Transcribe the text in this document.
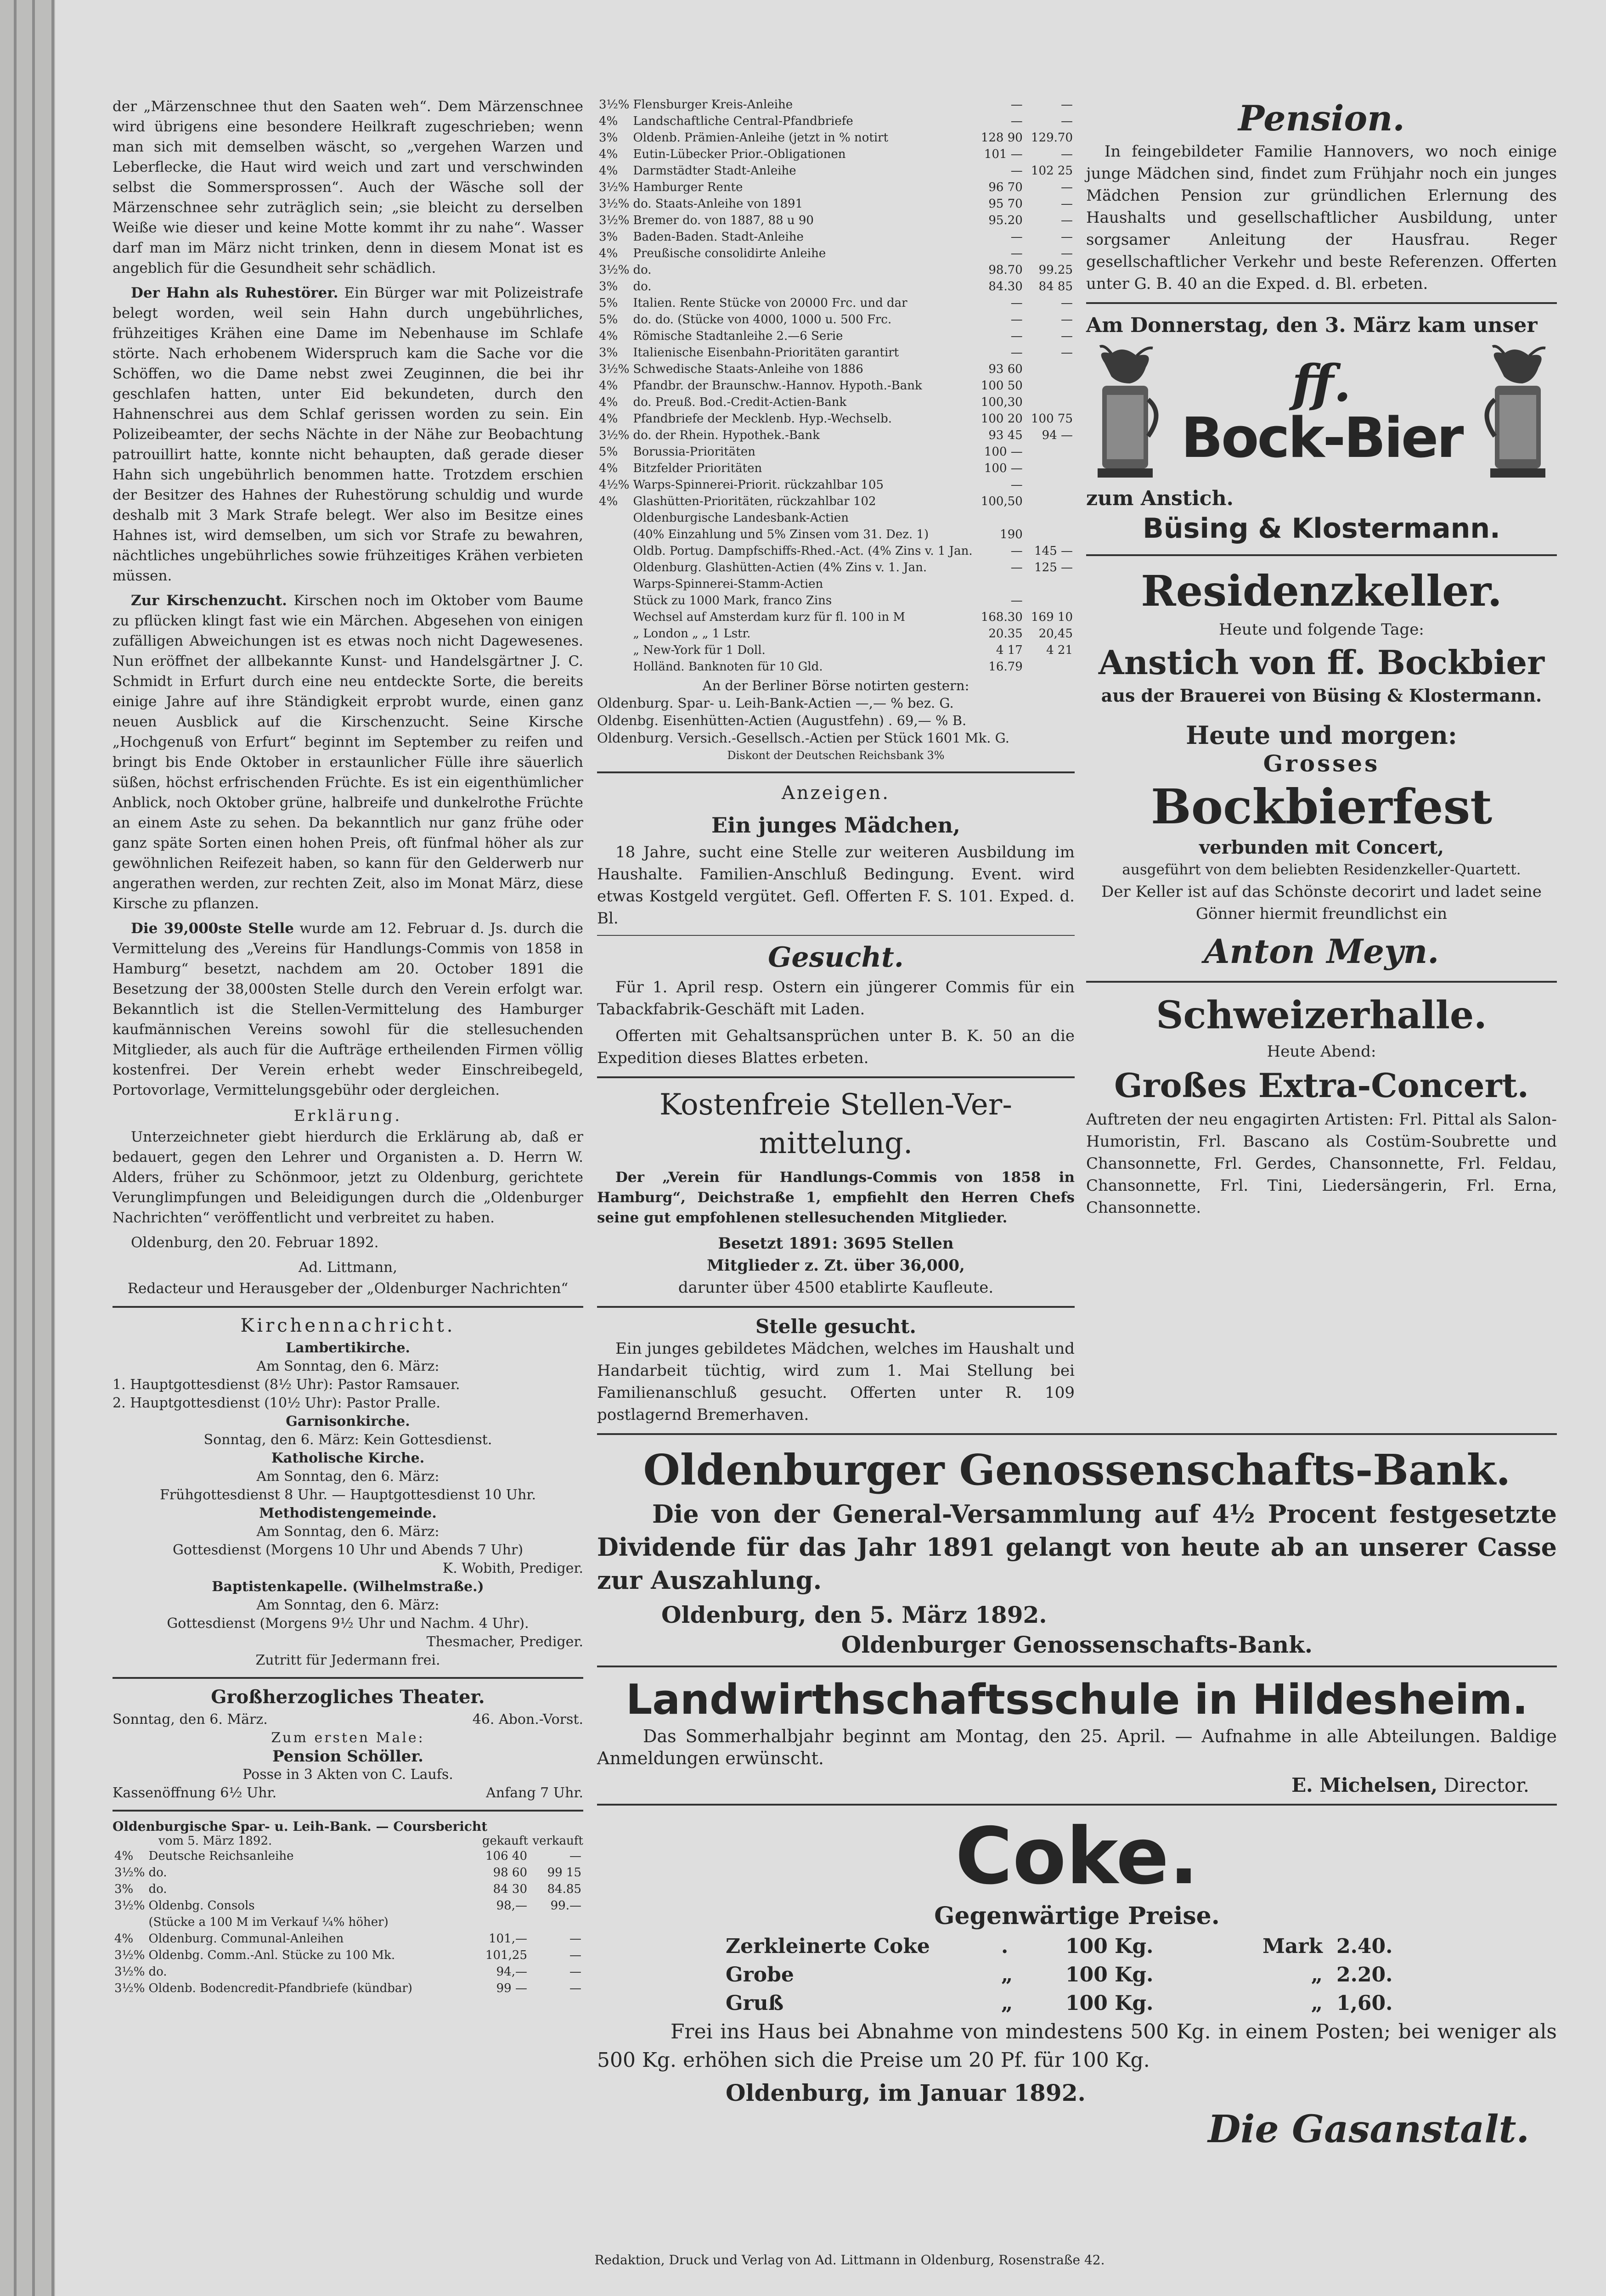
der „Märzenschnee thut den Saaten weh“. Dem Märzenschnee wird übrigens eine besondere Heilkraft zugeschrieben; wenn man sich mit demselben wäscht, so „vergehen Warzen und Leberflecke, die Haut wird weich und zart und verschwinden selbst die Sommersprossen“. Auch der Wäsche soll der Märzenschnee sehr zuträglich sein; „sie bleicht zu derselben Weiße wie dieser und keine Motte kommt ihr zu nahe“. Wasser darf man im März nicht trinken, denn in diesem Monat ist es angeblich für die Gesundheit sehr schädlich.

Der Hahn als Ruhestörer. Ein Bürger war mit Polizeistrafe belegt worden, weil sein Hahn durch ungebührliches, frühzeitiges Krähen eine Dame im Nebenhause im Schlafe störte. Nach erhobenem Widerspruch kam die Sache vor die Schöffen, wo die Dame nebst zwei Zeuginnen, die bei ihr geschlafen hatten, unter Eid bekundeten, durch den Hahnenschrei aus dem Schlaf gerissen worden zu sein. Ein Polizeibeamter, der sechs Nächte in der Nähe zur Beobachtung patrouillirt hatte, konnte nicht behaupten, daß gerade dieser Hahn sich ungebührlich benommen hatte. Trotzdem erschien der Besitzer des Hahnes der Ruhestörung schuldig und wurde deshalb mit 3 Mark Strafe belegt. Wer also im Besitze eines Hahnes ist, wird demselben, um sich vor Strafe zu bewahren, nächtliches ungebührliches sowie frühzeitiges Krähen verbieten müssen.

Zur Kirschenzucht. Kirschen noch im Oktober vom Baume zu pflücken klingt fast wie ein Märchen. Abgesehen von einigen zufälligen Abweichungen ist es etwas noch nicht Dagewesenes. Nun eröffnet der allbekannte Kunst- und Handelsgärtner J. C. Schmidt in Erfurt durch eine neu entdeckte Sorte, die bereits einige Jahre auf ihre Ständigkeit erprobt wurde, einen ganz neuen Ausblick auf die Kirschenzucht. Seine Kirsche „Hochgenuß von Erfurt“ beginnt im September zu reifen und bringt bis Ende Oktober in erstaunlicher Fülle ihre säuerlich süßen, höchst erfrischenden Früchte. Es ist ein eigenthümlicher Anblick, noch Oktober grüne, halbreife und dunkelrothe Früchte an einem Aste zu sehen. Da bekanntlich nur ganz frühe oder ganz späte Sorten einen hohen Preis, oft fünfmal höher als zur gewöhnlichen Reifezeit haben, so kann für den Gelderwerb nur angerathen werden, zur rechten Zeit, also im Monat März, diese Kirsche zu pflanzen.

Die 39,000ste Stelle wurde am 12. Februar d. Js. durch die Vermittelung des „Vereins für Handlungs-Commis von 1858 in Hamburg“ besetzt, nachdem am 20. October 1891 die Besetzung der 38,000sten Stelle durch den Verein erfolgt war. Bekanntlich ist die Stellen-Vermittelung des Hamburger kaufmännischen Vereins sowohl für die stellesuchenden Mitglieder, als auch für die Aufträge ertheilenden Firmen völlig kostenfrei. Der Verein erhebt weder Einschreibegeld, Portovorlage, Vermittelungsgebühr oder dergleichen.

Erklärung.

Unterzeichneter giebt hierdurch die Erklärung ab, daß er bedauert, gegen den Lehrer und Organisten a. D. Herrn W. Alders, früher zu Schönmoor, jetzt zu Oldenburg, gerichtete Verunglimpfungen und Beleidigungen durch die „Oldenburger Nachrichten“ veröffentlicht und verbreitet zu haben.

Oldenburg, den 20. Februar 1892.
Ad. Littmann,
Redacteur und Herausgeber der „Oldenburger Nachrichten“
Kirchennachricht.
Lambertikirche.
Am Sonntag, den 6. März:
1. Hauptgottesdienst (8½ Uhr): Pastor Ramsauer.
2. Hauptgottesdienst (10½ Uhr): Pastor Pralle.
Garnisonkirche.
Sonntag, den 6. März: Kein Gottesdienst.
Katholische Kirche.
Am Sonntag, den 6. März:
Frühgottesdienst 8 Uhr. — Hauptgottesdienst 10 Uhr.
Methodistengemeinde.
Am Sonntag, den 6. März:
Gottesdienst (Morgens 10 Uhr und Abends 7 Uhr)
K. Wobith, Prediger.
Baptistenkapelle. (Wilhelmstraße.)
Am Sonntag, den 6. März:
Gottesdienst (Morgens 9½ Uhr und Nachm. 4 Uhr).
Thesmacher, Prediger.
Zutritt für Jedermann frei.
Großherzogliches Theater.
Sonntag, den 6. März.	46. Abon.-Vorst.
Zum ersten Male:
Pension Schöller.
Posse in 3 Akten von C. Laufs.
Kassenöffnung 6½ Uhr.	Anfang 7 Uhr.
Oldenburgische Spar- u. Leih-Bank. — Coursbericht
vom 5. März 1892.	gekauft verkauft
4%	Deutsche Reichsanleihe	106 40	—
3½%	do.	98 60	99 15
3%	do.	84 30	84.85
3½%	Oldenbg. Consols	98,—	99.—
	(Stücke a 100 M im Verkauf ¼% höher)		
4%	Oldenburg. Communal-Anleihen	101,—	—
3½%	Oldenbg. Comm.-Anl. Stücke zu 100 Mk.	101,25	—
3½%	do.	94,—	—
3½%	Oldenb. Bodencredit-Pfandbriefe (kündbar)	99 —	—
3½%	Flensburger Kreis-Anleihe	—	—
4%	Landschaftliche Central-Pfandbriefe	—	—
3%	Oldenb. Prämien-Anleihe (jetzt in % notirt	128 90	129.70
4%	Eutin-Lübecker Prior.-Obligationen	101 —	—
4%	Darmstädter Stadt-Anleihe	—	102 25
3½%	Hamburger Rente	96 70	—
3½%	do. Staats-Anleihe von 1891	95 70	—
3½%	Bremer do. von 1887, 88 u 90	95.20	—
3%	Baden-Baden. Stadt-Anleihe	—	—
4%	Preußische consolidirte Anleihe	—	—
3½%	do.	98.70	99.25
3%	do.	84.30	84 85
5%	Italien. Rente Stücke von 20000 Frc. und dar	—	—
5%	do. do. (Stücke von 4000, 1000 u. 500 Frc.	—	—
4%	Römische Stadtanleihe 2.—6 Serie	—	—
3%	Italienische Eisenbahn-Prioritäten garantirt	—	—
3½%	Schwedische Staats-Anleihe von 1886	93 60	
4%	Pfandbr. der Braunschw.-Hannov. Hypoth.-Bank	100 50	
4%	do. Preuß. Bod.-Credit-Actien-Bank	100,30	
4%	Pfandbriefe der Mecklenb. Hyp.-Wechselb.	100 20	100 75
3½%	do. der Rhein. Hypothek.-Bank	93 45	94 —
5%	Borussia-Prioritäten	100 —	
4%	Bitzfelder Prioritäten	100 —	
4½%	Warps-Spinnerei-Priorit. rückzahlbar 105	—	
4%	Glashütten-Prioritäten, rückzahlbar 102	100,50	
	Oldenburgische Landesbank-Actien		
	(40% Einzahlung und 5% Zinsen vom 31. Dez. 1)	190	
	Oldb. Portug. Dampfschiffs-Rhed.-Act. (4% Zins v. 1 Jan.	—	145 —
	Oldenburg. Glashütten-Actien (4% Zins v. 1. Jan.	—	125 —
	Warps-Spinnerei-Stamm-Actien		
	Stück zu 1000 Mark, franco Zins	—	
	Wechsel auf Amsterdam kurz für fl. 100 in M	168.30	169 10
	„ London „ „ 1 Lstr.	20.35	20,45
	„ New-York für 1 Doll.	4 17	4 21
	Holländ. Banknoten für 10 Gld.	16.79	
An der Berliner Börse notirten gestern:
Oldenburg. Spar- u. Leih-Bank-Actien —,— % bez. G.
Oldenbg. Eisenhütten-Actien (Augustfehn) . 69,— % B.
Oldenburg. Versich.-Gesellsch.-Actien per Stück 1601 Mk. G.
Diskont der Deutschen Reichsbank 3%
Anzeigen.
Ein junges Mädchen,

18 Jahre, sucht eine Stelle zur weiteren Ausbildung im Haushalte. Familien-Anschluß Bedingung. Event. wird etwas Kostgeld vergütet. Gefl. Offerten F. S. 101. Exped. d. Bl.

Gesucht.

Für 1. April resp. Ostern ein jüngerer Commis für ein Tabackfabrik-Geschäft mit Laden.

Offerten mit Gehaltsansprüchen unter B. K. 50 an die Expedition dieses Blattes erbeten.

Kostenfreie Stellen-Ver-
mittelung.

Der „Verein für Handlungs-Commis von 1858 in Hamburg“, Deichstraße 1, empfiehlt den Herren Chefs seine gut empfohlenen stellesuchenden Mitglieder.

Besetzt 1891: 3695 Stellen
Mitglieder z. Zt. über 36,000,
darunter über 4500 etablirte Kaufleute.
Stelle gesucht.

Ein junges gebildetes Mädchen, welches im Haushalt und Handarbeit tüchtig, wird zum 1. Mai Stellung bei Familienanschluß gesucht. Offerten unter R. 109 postlagernd Bremerhaven.

Pension.

In feingebildeter Familie Hannovers, wo noch einige junge Mädchen sind, findet zum Frühjahr noch ein junges Mädchen Pension zur gründlichen Erlernung des Haushalts und gesellschaftlicher Ausbildung, unter sorgsamer Anleitung der Hausfrau. Reger gesellschaftlicher Verkehr und beste Referenzen. Offerten unter G. B. 40 an die Exped. d. Bl. erbeten.

Am Donnerstag, den 3. März kam unser
ff.
Bock-Bier
zum Anstich.
Büsing & Klostermann.
Residenzkeller.
Heute und folgende Tage:
Anstich von ff. Bockbier
aus der Brauerei von Büsing & Klostermann.
Heute und morgen:
Grosses
Bockbierfest
verbunden mit Concert,
ausgeführt von dem beliebten Residenzkeller-Quartett.

Der Keller ist auf das Schönste decorirt und ladet seine Gönner hiermit freundlichst ein

Anton Meyn.
Schweizerhalle.
Heute Abend:
Großes Extra-Concert.

Auftreten der neu engagirten Artisten: Frl. Pittal als Salon-Humoristin, Frl. Bascano als Costüm-Soubrette und Chansonnette, Frl. Gerdes, Chansonnette, Frl. Feldau, Chansonnette, Frl. Tini, Liedersängerin, Frl. Erna, Chansonnette.

Oldenburger Genossenschafts-Bank.

Die von der General-Versammlung auf 4½ Procent festgesetzte Dividende für das Jahr 1891 gelangt von heute ab an unserer Casse zur Auszahlung.

Oldenburg, den 5. März 1892.
Oldenburger Genossenschafts-Bank.
Landwirthschaftsschule in Hildesheim.

Das Sommerhalbjahr beginnt am Montag, den 25. April. — Aufnahme in alle Abteilungen. Baldige Anmeldungen erwünscht.

E. Michelsen, Director.
Coke.
Gegenwärtige Preise.
Zerkleinerte Coke	.	100 Kg.	Mark 2.40.
Grobe	„	100 Kg.	„ 2.20.
Gruß	„	100 Kg.	„ 1,60.

Frei ins Haus bei Abnahme von mindestens 500 Kg. in einem Posten; bei weniger als 500 Kg. erhöhen sich die Preise um 20 Pf. für 100 Kg.

Oldenburg, im Januar 1892.
Die Gasanstalt.
Redaktion, Druck und Verlag von Ad. Littmann in Oldenburg, Rosenstraße 42.
